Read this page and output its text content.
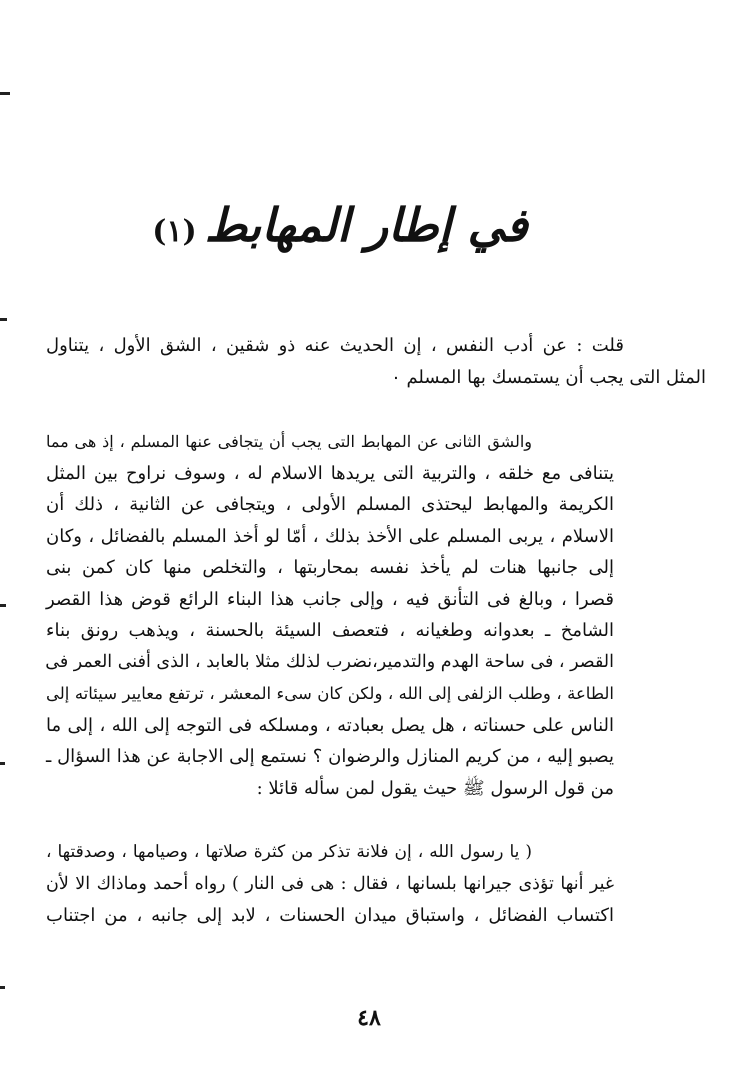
في إطار المهابط(١)
قلت : عن أدب النفس ، إن الحديث عنه ذو شقين ، الشق الأول ، يتناول
المثل التى يجب أن يستمسك بها المسلم ٠
والشق الثانى عن المهابط التى يجب أن يتجافى عنها المسلم ، إذ هى مما
يتنافى مع خلقه ، والتربية التى يريدها الاسلام له ، وسوف نراوح بين المثل
الكريمة والمهابط ليحتذى المسلم الأولى ، ويتجافى عن الثانية ، ذلك أن
الاسلام ، يربى المسلم على الأخذ بذلك ، أمّا لو أخذ المسلم بالفضائل ، وكان
إلى جانبها هنات لم يأخذ نفسه بمحاربتها ، والتخلص منها كان كمن بنى
قصرا ، وبالغ فى التأنق فيه ، وإلى جانب هذا البناء الرائع قوض هذا القصر
الشامخ ـ بعدوانه وطغيانه ، فتعصف السيئة بالحسنة ، ويذهب رونق بناء
القصر ، فى ساحة الهدم والتدمير،نضرب لذلك مثلا بالعابد ، الذى أفنى العمر فى
الطاعة ، وطلب الزلفى إلى الله ، ولكن كان سىء المعشر ، ترتفع معايير سيئاته إلى
الناس على حسناته ، هل يصل بعبادته ، ومسلكه فى التوجه إلى الله ، إلى ما
يصبو إليه ، من كريم المنازل والرضوان ؟ نستمع إلى الاجابة عن هذا السؤال ـ
من قول الرسول ﷺ حيث يقول لمن سأله قائلا :
( يا رسول الله ، إن فلانة تذكر من كثرة صلاتها ، وصيامها ، وصدقتها ،
غير أنها تؤذى جيرانها بلسانها ، فقال : هى فى النار ) رواه أحمد وماذاك الا لأن
اكتساب الفضائل ، واستباق ميدان الحسنات ، لابد إلى جانبه ، من اجتناب
٤٨
